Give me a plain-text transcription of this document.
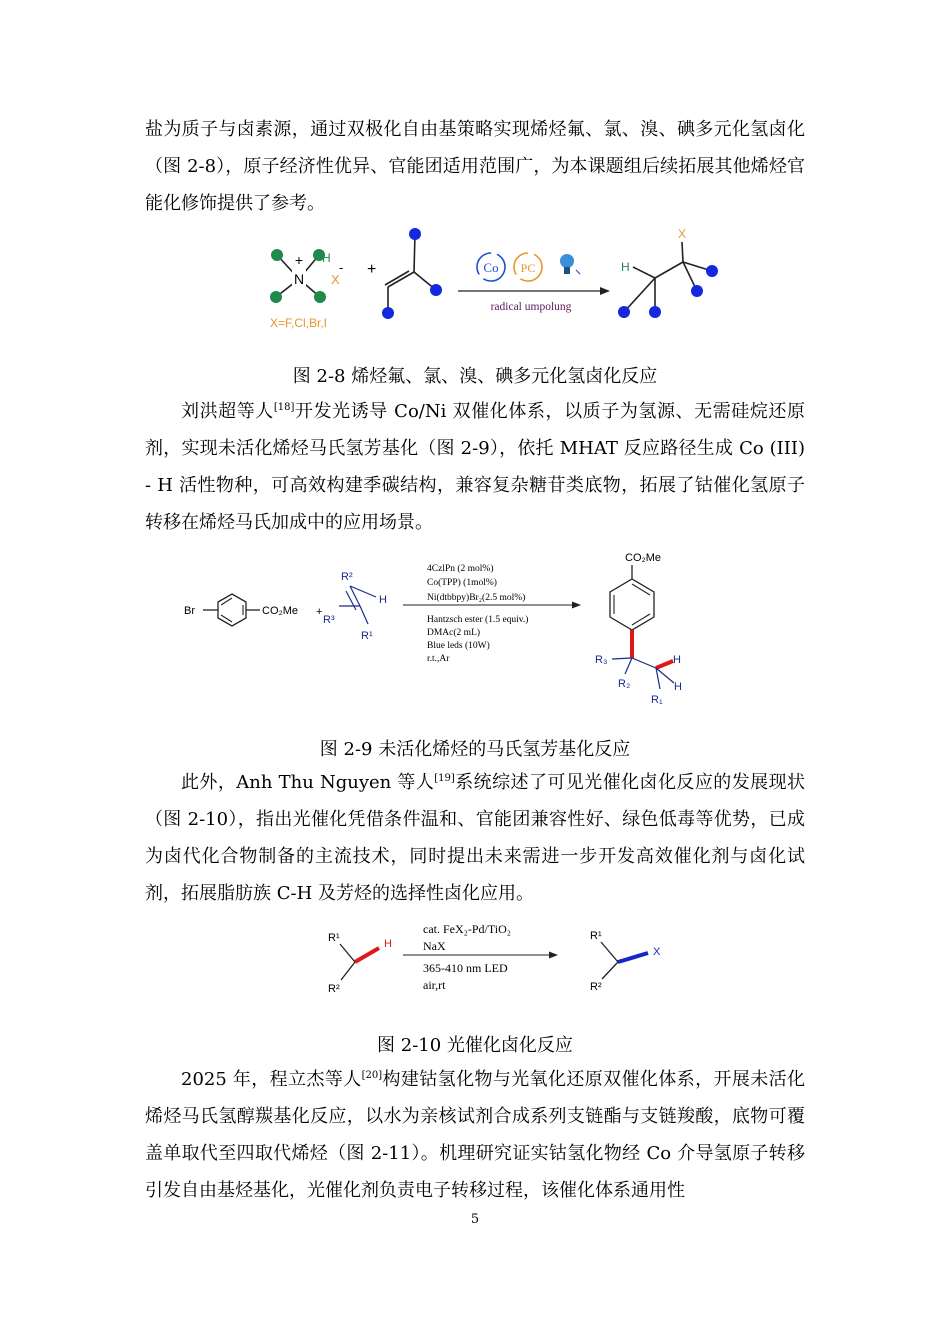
盐为质子与卤素源，通过双极化自由基策略实现烯烃氟、氯、溴、碘多元化氢卤化（图 2-8），原子经济性优异、官能团适用范围广，为本课题组后续拓展其他烯烃官能化修饰提供了参考。

N
+ H
X
-
X=F,Cl,Br,I
+	Co PC
radical umpolung
H
X

图 2-8 烯烃氟、氯、溴、碘多元化氢卤化反应

刘洪超等人[18]开发光诱导 Co/Ni 双催化体系，以质子为氢源、无需硅烷还原剂，实现未活化烯烃马氏氢芳基化（图 2-9），依托 MHAT 反应路径生成 Co (III) - H 活性物种，可高效构建季碳结构，兼容复杂糖苷类底物，拓展了钴催化氢原子转移在烯烃马氏加成中的应用场景。

Br	CO₂Me +
R²
R³
H
R¹
4CzlPn (2 mol%)
Co(TPP) (1mol%)
Ni(dtbbpy)Br₂(2.5 mol%)
Hantzsch ester (1.5 equiv.)
DMAc(2 mL)
Blue leds (10W)
r.t.,Ar
CO₂Me
R₃
R₂
R₁
H
H

图 2-9 未活化烯烃的马氏氢芳基化反应

此外，Anh Thu Nguyen 等人[19]系统综述了可见光催化卤化反应的发展现状（图 2-10），指出光催化凭借条件温和、官能团兼容性好、绿色低毒等优势，已成为卤代化合物制备的主流技术，同时提出未来需进一步开发高效催化剂与卤化试剂，拓展脂肪族 C-H 及芳烃的选择性卤化应用。

R¹
R²
H
cat. FeX₂-Pd/TiO₂
NaX
365-410 nm LED
air,rt
R¹
R²
X

图 2-10 光催化卤化反应

2025 年，程立杰等人[20]构建钴氢化物与光氧化还原双催化体系，开展未活化烯烃马氏氢醇羰基化反应，以水为亲核试剂合成系列支链酯与支链羧酸，底物可覆盖单取代至四取代烯烃（图 2-11）。机理研究证实钴氢化物经 Co 介导氢原子转移引发自由基烃基化，光催化剂负责电子转移过程，该催化体系通用性

5
